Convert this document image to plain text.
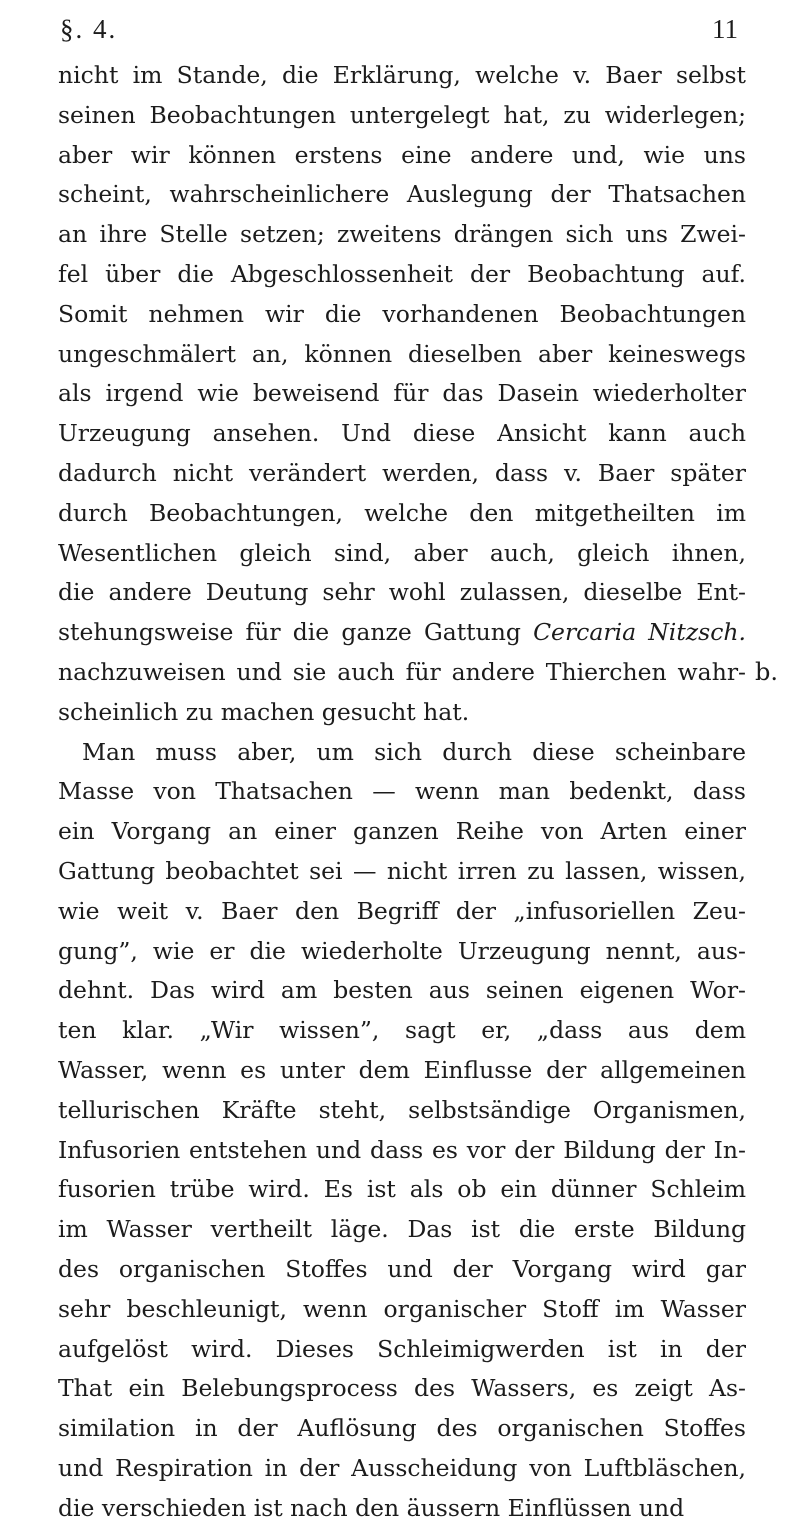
§. 4.	11
nicht im Stande, die Erklärung, welche v. Baer selbst
seinen Beobachtungen untergelegt hat, zu widerlegen;
aber wir können erstens eine andere und, wie uns
scheint, wahrscheinlichere Auslegung der Thatsachen
an ihre Stelle setzen; zweitens drängen sich uns Zwei-
fel über die Abgeschlossenheit der Beobachtung auf.
Somit nehmen wir die vorhandenen Beobachtungen
ungeschmälert an, können dieselben aber keineswegs
als irgend wie beweisend für das Dasein wiederholter
Urzeugung ansehen. Und diese Ansicht kann auch
dadurch nicht verändert werden, dass v. Baer später
durch Beobachtungen, welche den mitgetheilten im
Wesentlichen gleich sind, aber auch, gleich ihnen,
die andere Deutung sehr wohl zulassen, dieselbe Ent-
stehungsweise für die ganze Gattung Cercaria Nitzsch.
nachzuweisen und sie auch für andere Thierchen wahr-
scheinlich zu machen gesucht hat.
Man muss aber, um sich durch diese scheinbare
Masse von Thatsachen — wenn man bedenkt, dass
ein Vorgang an einer ganzen Reihe von Arten einer
Gattung beobachtet sei — nicht irren zu lassen, wissen,
wie weit v. Baer den Begriff der „infusoriellen Zeu-
gung”, wie er die wiederholte Urzeugung nennt, aus-
dehnt. Das wird am besten aus seinen eigenen Wor-
ten klar. „Wir wissen”, sagt er, „dass aus dem
Wasser, wenn es unter dem Einflusse der allgemeinen
tellurischen Kräfte steht, selbstsändige Organismen,
Infusorien entstehen und dass es vor der Bildung der In-
fusorien trübe wird. Es ist als ob ein dünner Schleim
im Wasser vertheilt läge. Das ist die erste Bildung
des organischen Stoffes und der Vorgang wird gar
sehr beschleunigt, wenn organischer Stoff im Wasser
aufgelöst wird. Dieses Schleimigwerden ist in der
That ein Belebungsprocess des Wassers, es zeigt As-
similation in der Auflösung des organischen Stoffes
und Respiration in der Ausscheidung von Luftbläschen,
die verschieden ist nach den äussern Einflüssen und
b.
